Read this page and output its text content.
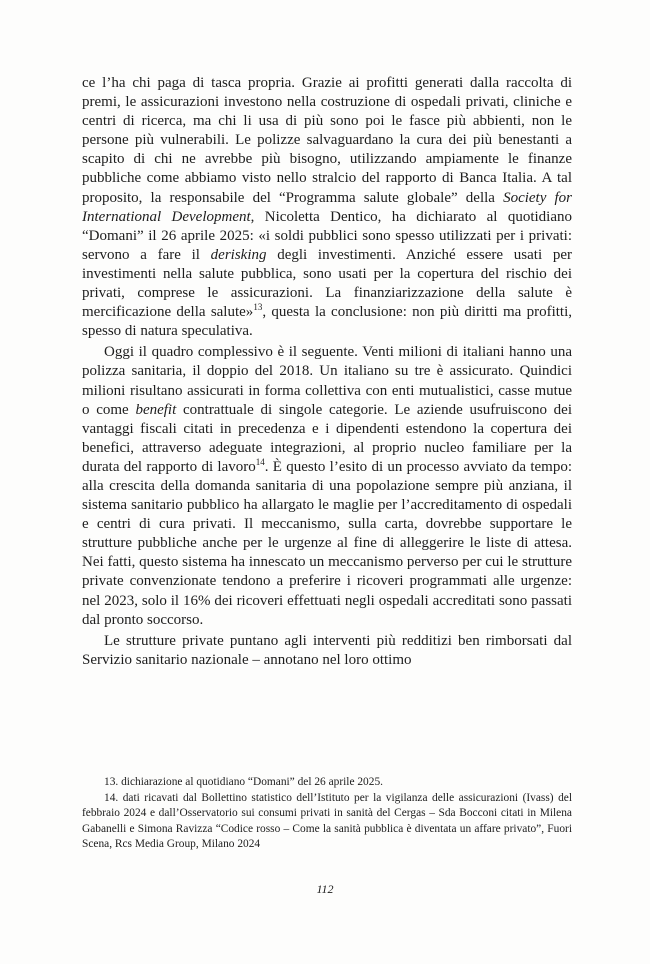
ce l’ha chi paga di tasca propria. Grazie ai profitti generati dalla raccolta di premi, le assicurazioni investono nella costruzione di ospedali privati, cliniche e centri di ricerca, ma chi li usa di più sono poi le fasce più abbienti, non le persone più vulnerabili. Le polizze salvaguardano la cura dei più benestanti a scapito di chi ne avrebbe più bisogno, utilizzando ampiamente le finanze pubbliche come abbiamo visto nello stralcio del rapporto di Banca Italia. A tal proposito, la responsabile del “Programma salute globale” della Society for International Development, Nicoletta Dentico, ha dichiarato al quotidiano “Domani” il 26 aprile 2025: «i soldi pubblici sono spesso utilizzati per i privati: servono a fare il derisking degli investimenti. Anziché essere usati per investimenti nella salute pubblica, sono usati per la copertura del rischio dei privati, comprese le assicurazioni. La finanziarizzazione della salute è mercificazione della salute»$^{13}$, questa la conclusione: non più diritti ma profitti, spesso di natura speculativa.

Oggi il quadro complessivo è il seguente. Venti milioni di italiani hanno una polizza sanitaria, il doppio del 2018. Un italiano su tre è assicurato. Quindici milioni risultano assicurati in forma collettiva con enti mutualistici, casse mutue o come benefit contrattuale di singole categorie. Le aziende usufruiscono dei vantaggi fiscali citati in precedenza e i dipendenti estendono la copertura dei benefici, attraverso adeguate integrazioni, al proprio nucleo familiare per la durata del rapporto di lavoro$^{14}$. È questo l’esito di un processo avviato da tempo: alla crescita della domanda sanitaria di una popolazione sempre più anziana, il sistema sanitario pubblico ha allargato le maglie per l’accreditamento di ospedali e centri di cura privati. Il meccanismo, sulla carta, dovrebbe supportare le strutture pubbliche anche per le urgenze al fine di alleggerire le liste di attesa. Nei fatti, questo sistema ha innescato un meccanismo perverso per cui le strutture private convenzionate tendono a preferire i ricoveri programmati alle urgenze: nel 2023, solo il 16% dei ricoveri effettuati negli ospedali accreditati sono passati dal pronto soccorso.

Le strutture private puntano agli interventi più redditizi ben rimborsati dal Servizio sanitario nazionale – annotano nel loro ottimo

13. dichiarazione al quotidiano “Domani” del 26 aprile 2025.

14. dati ricavati dal Bollettino statistico dell’Istituto per la vigilanza delle assicurazioni (Ivass) del febbraio 2024 e dall’Osservatorio sui consumi privati in sanità del Cergas – Sda Bocconi citati in Milena Gabanelli e Simona Ravizza “Codice rosso – Come la sanità pubblica è diventata un affare privato”, Fuori Scena, Rcs Media Group, Milano 2024

112
